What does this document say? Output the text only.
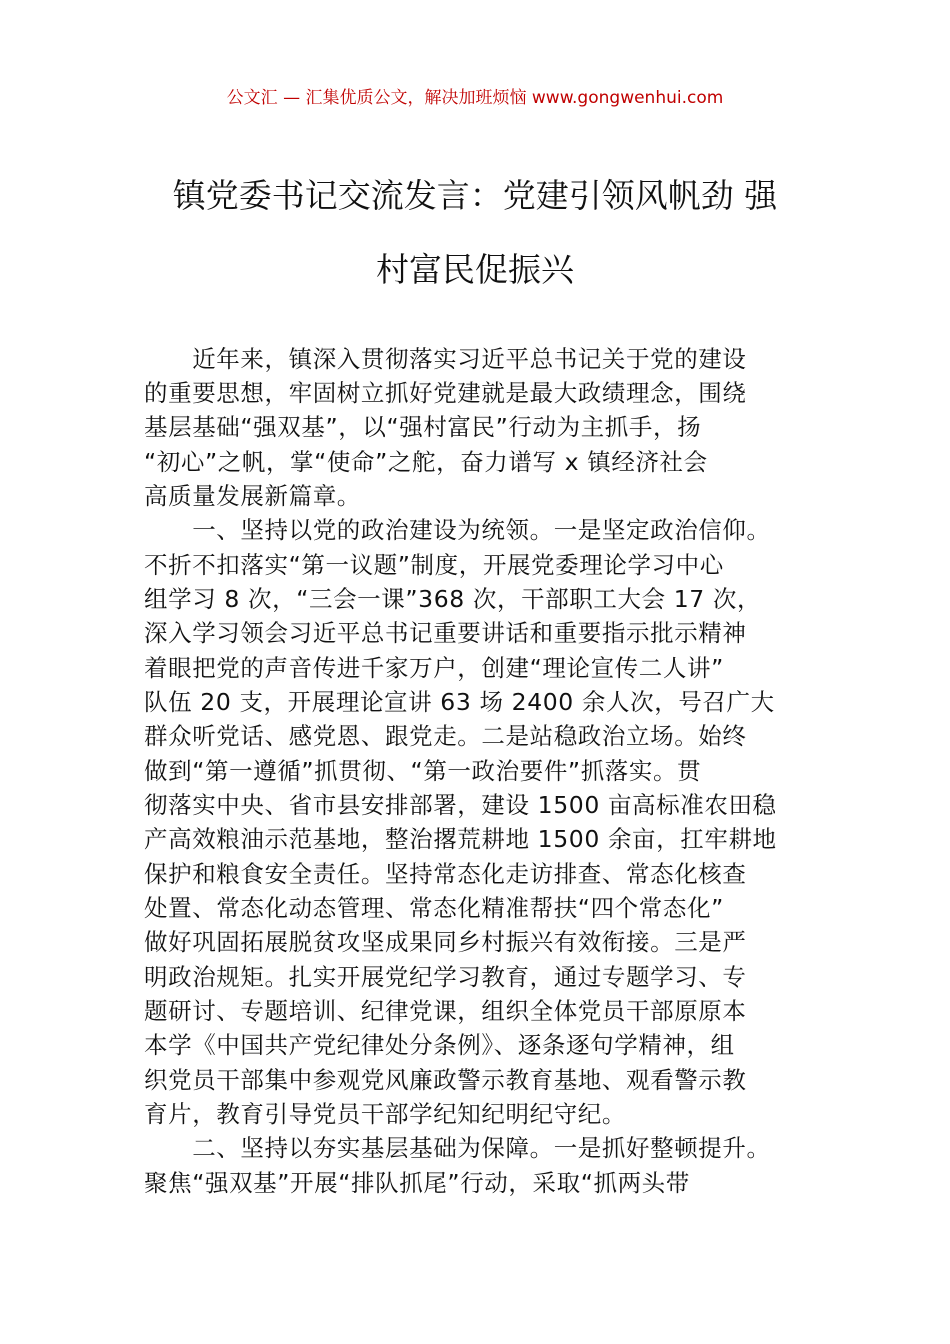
公文汇 — 汇集优质公文，解决加班烦恼 www.gongwenhui.com
镇党委书记交流发言：党建引领风帆劲 强
村富民促振兴
　　近年来，镇深入贯彻落实习近平总书记关于党的建设
的重要思想，牢固树立抓好党建就是最大政绩理念，围绕
基层基础“强双基”，以“强村富民”行动为主抓手，扬
“初心”之帆，掌“使命”之舵，奋力谱写 x 镇经济社会
高质量发展新篇章。
　　一、坚持以党的政治建设为统领。一是坚定政治信仰。
不折不扣落实“第一议题”制度，开展党委理论学习中心
组学习 8 次，“三会一课”368 次，干部职工大会 17 次，
深入学习领会习近平总书记重要讲话和重要指示批示精神
着眼把党的声音传进千家万户，创建“理论宣传二人讲”
队伍 20 支，开展理论宣讲 63 场 2400 余人次，号召广大
群众听党话、感党恩、跟党走。二是站稳政治立场。始终
做到“第一遵循”抓贯彻、“第一政治要件”抓落实。贯
彻落实中央、省市县安排部署，建设 1500 亩高标准农田稳
产高效粮油示范基地，整治撂荒耕地 1500 余亩，扛牢耕地
保护和粮食安全责任。坚持常态化走访排查、常态化核查
处置、常态化动态管理、常态化精准帮扶“四个常态化”
做好巩固拓展脱贫攻坚成果同乡村振兴有效衔接。三是严
明政治规矩。扎实开展党纪学习教育，通过专题学习、专
题研讨、专题培训、纪律党课，组织全体党员干部原原本
本学《中国共产党纪律处分条例》、逐条逐句学精神，组
织党员干部集中参观党风廉政警示教育基地、观看警示教
育片，教育引导党员干部学纪知纪明纪守纪。
　　二、坚持以夯实基层基础为保障。一是抓好整顿提升。
聚焦“强双基”开展“排队抓尾”行动，采取“抓两头带
